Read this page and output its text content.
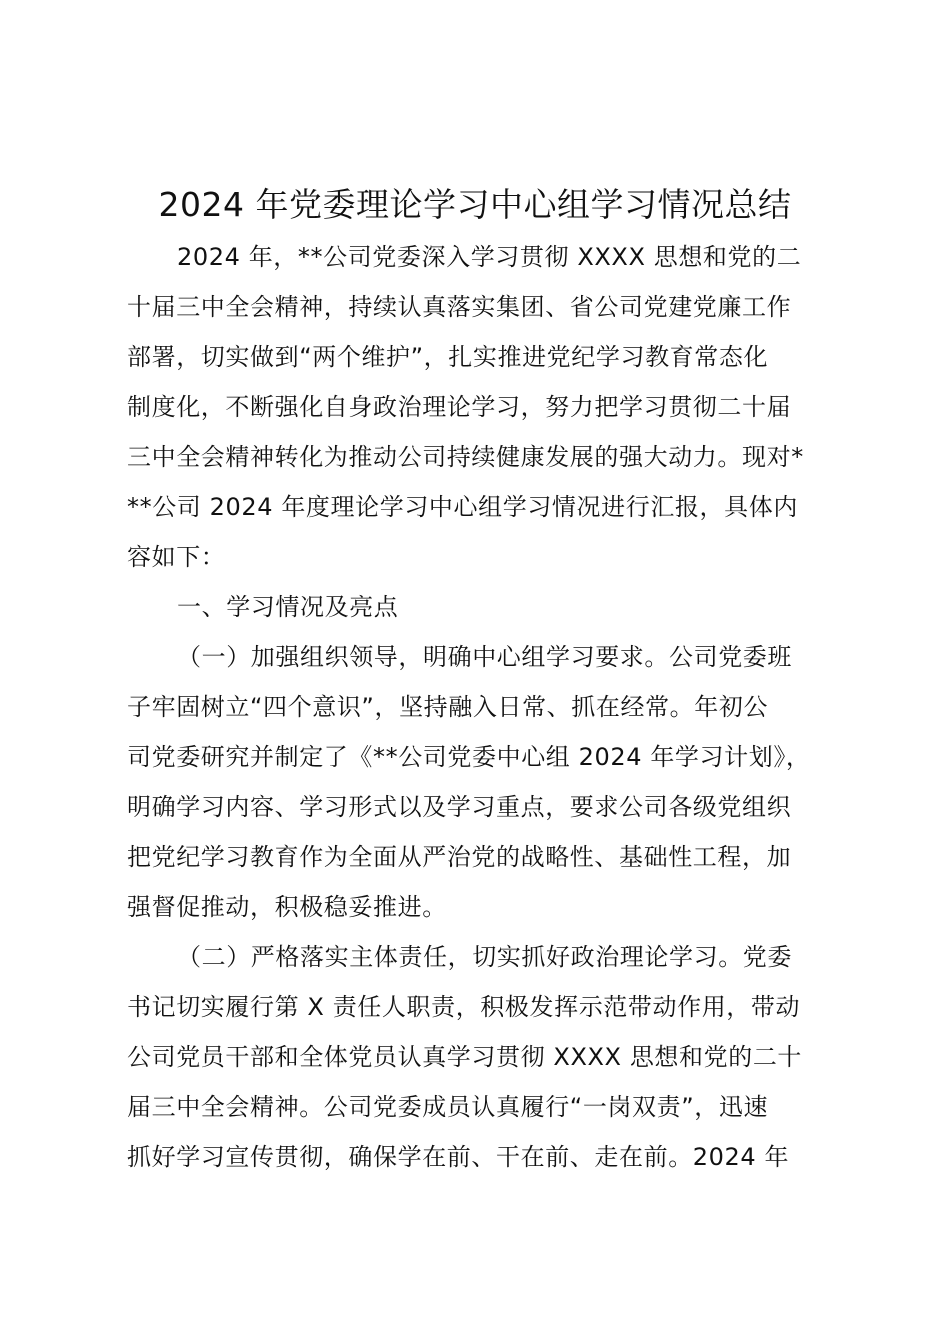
2024 年党委理论学习中心组学习情况总结
2024 年，**公司党委深入学习贯彻 XXXX 思想和党的二
十届三中全会精神，持续认真落实集团、省公司党建党廉工作
部署，切实做到“两个维护”，扎实推进党纪学习教育常态化
制度化，不断强化自身政治理论学习，努力把学习贯彻二十届
三中全会精神转化为推动公司持续健康发展的强大动力。现对*
**公司 2024 年度理论学习中心组学习情况进行汇报，具体内
容如下：
一、学习情况及亮点
（一）加强组织领导，明确中心组学习要求。公司党委班
子牢固树立“四个意识”，坚持融入日常、抓在经常。年初公
司党委研究并制定了《**公司党委中心组 2024 年学习计划》，
明确学习内容、学习形式以及学习重点，要求公司各级党组织
把党纪学习教育作为全面从严治党的战略性、基础性工程，加
强督促推动，积极稳妥推进。
（二）严格落实主体责任，切实抓好政治理论学习。党委
书记切实履行第 X 责任人职责，积极发挥示范带动作用，带动
公司党员干部和全体党员认真学习贯彻 XXXX 思想和党的二十
届三中全会精神。公司党委成员认真履行“一岗双责”，迅速
抓好学习宣传贯彻，确保学在前、干在前、走在前。2024 年
